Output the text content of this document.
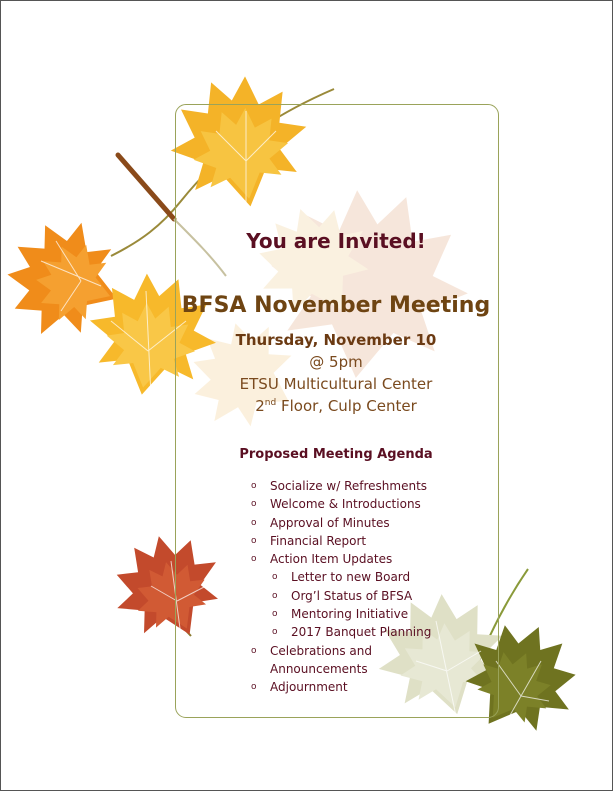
You are Invited!
BFSA November Meeting
Thursday, November 10
@ 5pm
ETSU Multicultural Center
2nd Floor, Culp Center
Proposed Meeting Agenda
o Socialize w/ Refreshments
o Welcome & Introductions
o Approval of Minutes
o Financial Report
o Action Item Updates
o Letter to new Board
o Org’l Status of BFSA
o Mentoring Initiative
o 2017 Banquet Planning
o Celebrations and
Announcements
o Adjournment
